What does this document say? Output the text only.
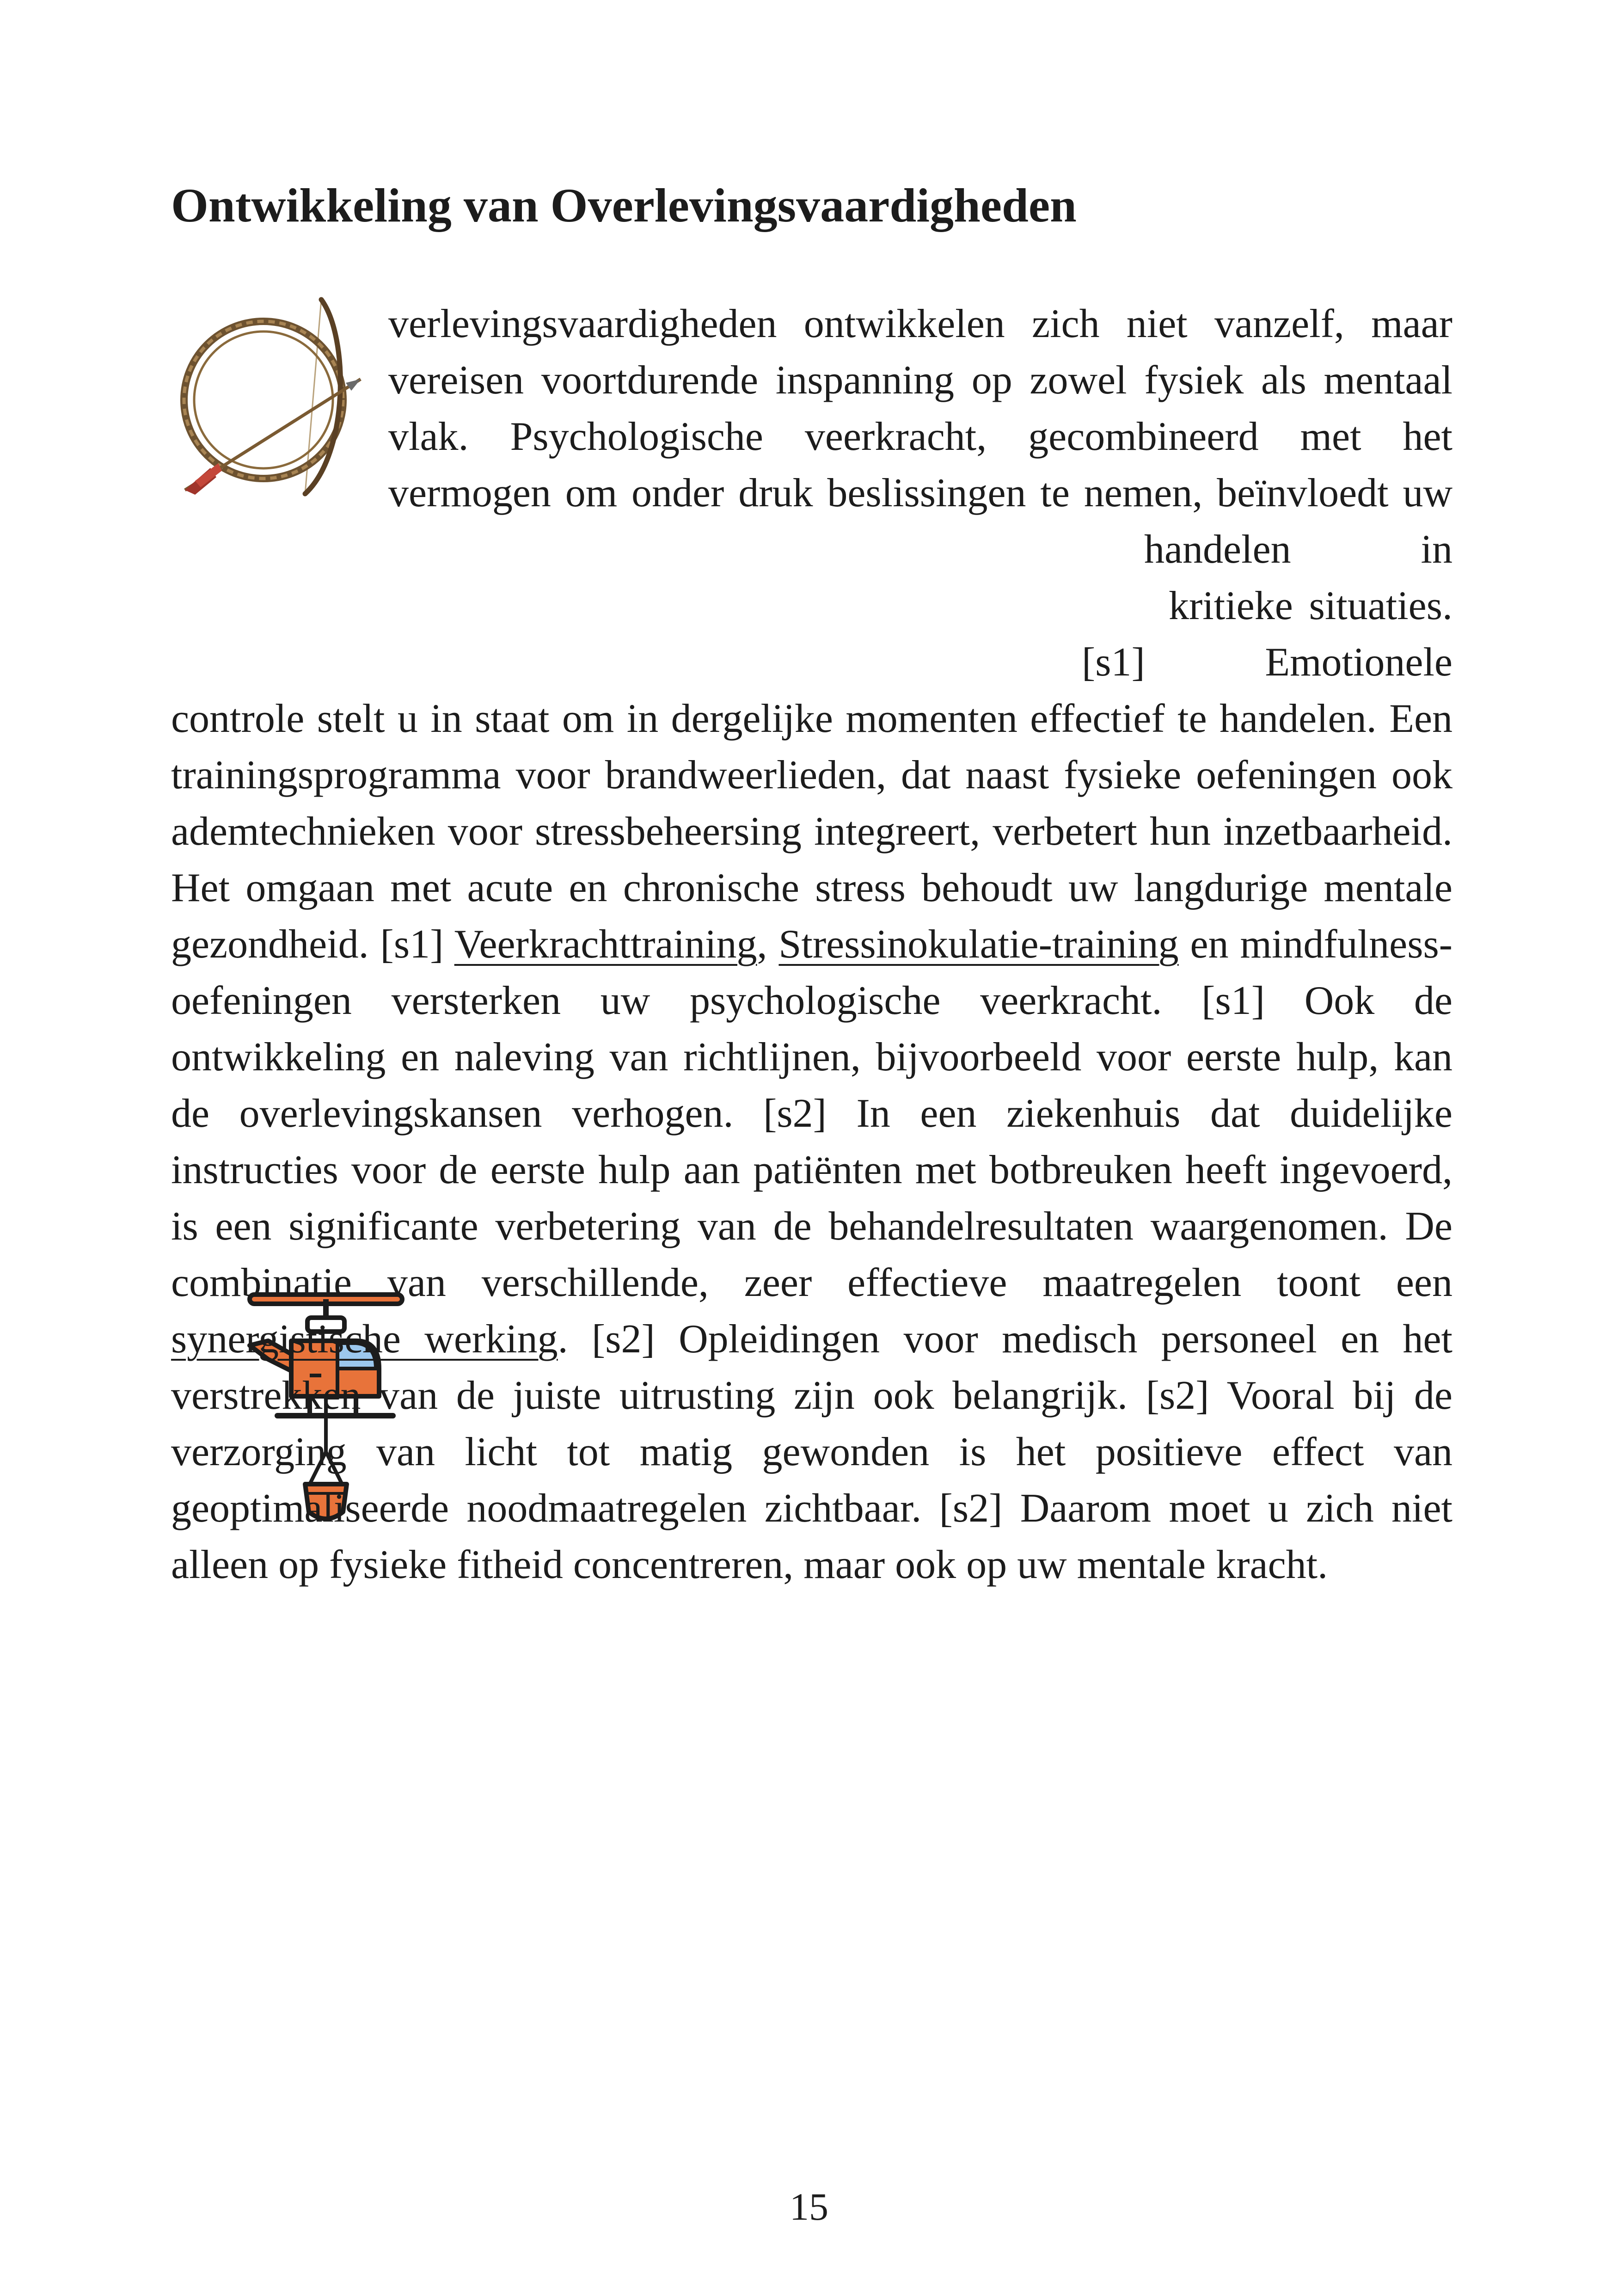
Ontwikkeling van Overlevingsvaardigheden

verlevingsvaardigheden ontwikkelen zich niet vanzelf, maar vereisen voortdurende inspanning op zowel fysiek als mentaal vlak. Psychologische veerkracht, gecombineerd met het vermogen om onder druk beslissingen te nemen, beïnvloedt uw handelen in kritieke situaties. [s1] Emotionele controle stelt u in staat om in dergelijke momenten effectief te handelen. Een trainingsprogramma voor brandweerlieden, dat naast fysieke oefeningen ook ademtechnieken voor stressbeheersing integreert, verbetert hun inzetbaarheid. Het omgaan met acute en chronische stress behoudt uw langdurige mentale gezondheid. [s1] Veerkrachttraining, Stressinokulatie-training en mindfulness-oefeningen versterken uw psychologische veerkracht. [s1] Ook de ontwikkeling en naleving van richtlijnen, bijvoorbeeld voor eerste hulp, kan de overlevingskansen verhogen. [s2] In een ziekenhuis dat duidelijke instructies voor de eerste hulp aan patiënten met botbreuken heeft ingevoerd, is een significante verbetering van de behandelresultaten waargenomen. De combinatie van verschillende, zeer effectieve maatregelen toont een synergistische werking. [s2] Opleidingen voor medisch personeel en het verstrekken van de juiste uitrusting zijn ook belangrijk. [s2] Vooral bij de verzorging van licht tot matig gewonden is het positieve effect van geoptimaliseerde noodmaatregelen zichtbaar. [s2] Daarom moet u zich niet alleen op fysieke fitheid concentreren, maar ook op uw mentale kracht.

15
